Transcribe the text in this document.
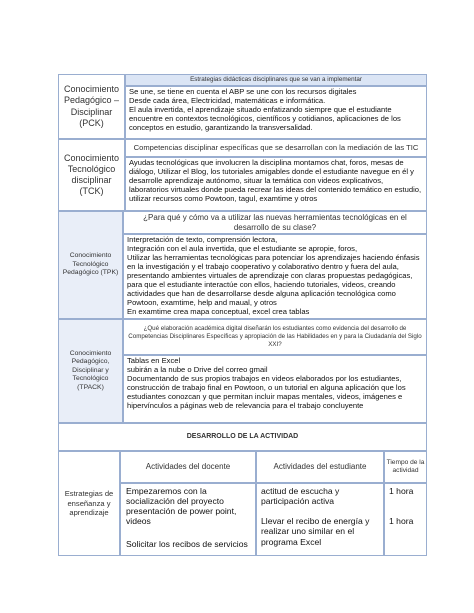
Conocimiento Pedagógico – Disciplinar (PCK)
Estrategias didácticas disciplinares que se van a implementar

Se une, se tiene en cuenta el ABP se une con los recursos digitales

Desde cada área, Electricidad, matemáticas e informática.

El aula invertida, el aprendizaje situado enfatizando siempre que el estudiante encuentre en contextos tecnológicos, científicos y cotidianos, aplicaciones de los conceptos en estudio, garantizando la transversalidad.

Conocimiento Tecnológico disciplinar (TCK)
Competencias disciplinar específicas que se desarrollan con la mediación de las TIC

Ayudas tecnológicas que involucren la disciplina montamos chat, foros, mesas de diálogo, Utilizar el Blog, los tutoriales amigables donde el estudiante navegue en él y desarrolle aprendizaje autónomo, situar la temática con videos explicativos, laboratorios virtuales donde pueda recrear las ideas del contenido temático en estudio, utilizar recursos como Powtoon, tagul, examtime y otros

Conocimiento Tecnológico Pedagógico (TPK)
¿Para qué y cómo va a utilizar las nuevas herramientas tecnológicas en el desarrollo de su clase?

Interpretación de texto, comprensión lectora,

Integración con el aula invertida, que el estudiante se apropie, foros,

Utilizar las herramientas tecnológicas para potenciar los aprendizajes haciendo énfasis en la investigación y el trabajo cooperativo y colaborativo dentro y fuera del aula, presentando ambientes virtuales de aprendizaje con claras propuestas pedagógicas, para que el estudiante interactúe con ellos, haciendo tutoriales, videos, creando actividades que han de desarrollarse desde alguna aplicación tecnológica como Powtoon, examtime, help and maual, y otros

En examtime crea mapa conceptual, excel crea tablas

Conocimiento Pedagógico, Disciplinar y Tecnológico (TPACK)
¿Qué elaboración académica digital diseñarán los estudiantes como evidencia del desarrollo de Competencias Disciplinares Específicas y apropiación de las Habilidades en y para la Ciudadanía del Siglo XXI?

Tablas en Excel

subirán a la nube o Drive del correo gmail

Documentando de sus propios trabajos en videos elaborados por los estudiantes, construcción de trabajo final en Powtoon, o un tutorial en alguna aplicación que los estudiantes conozcan y que permitan incluir mapas mentales, videos, imágenes e hipervínculos a páginas web de relevancia para el trabajo concluyente

DESARROLLO DE LA ACTIVIDAD
Estrategias de enseñanza y aprendizaje
Actividades del docente	Actividades del estudiante	Tiempo de la actividad

Empezaremos con la socialización del proyecto presentación de power point, videos

Solicitar los recibos de servicios

actitud de escucha y participación activa

Llevar el recibo de energía y realizar uno similar en el programa Excel

1 hora

1 hora
